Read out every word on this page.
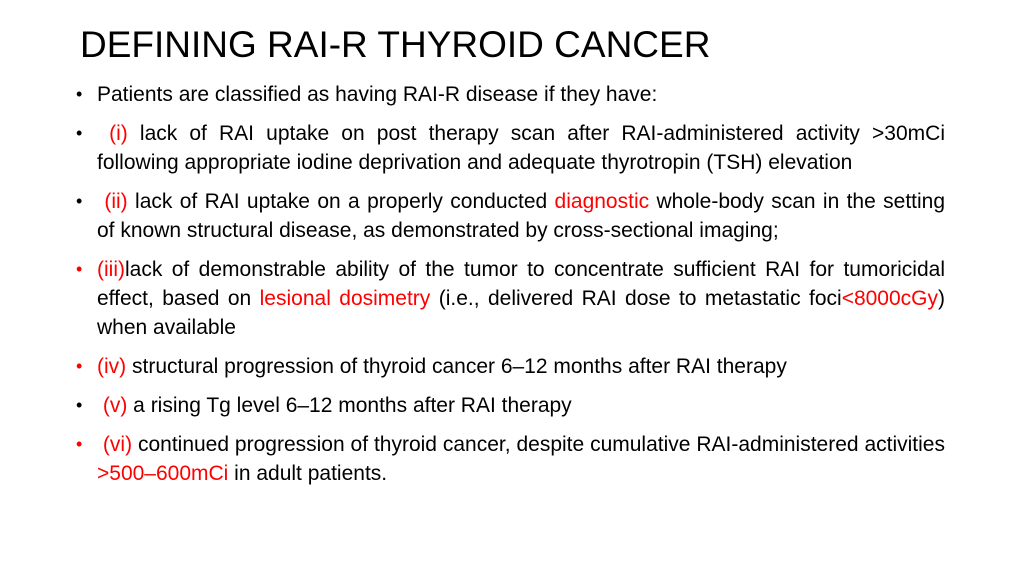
DEFINING RAI-R THYROID CANCER
• Patients are classified as having RAI-R disease if they have:
• (i) lack of RAI uptake on post therapy scan after RAI-administered activity >30mCi following appropriate iodine deprivation and adequate thyrotropin (TSH) elevation
• (ii) lack of RAI uptake on a properly conducted diagnostic whole-body scan in the setting of known structural disease, as demonstrated by cross-sectional imaging;
• (iii)lack of demonstrable ability of the tumor to concentrate sufficient RAI for tumoricidal effect, based on lesional dosimetry (i.e., delivered RAI dose to metastatic foci<8000cGy) when available
• (iv) structural progression of thyroid cancer 6–12 months after RAI therapy
• (v) a rising Tg level 6–12 months after RAI therapy
• (vi) continued progression of thyroid cancer, despite cumulative RAI-administered activities >500–600mCi in adult patients.
